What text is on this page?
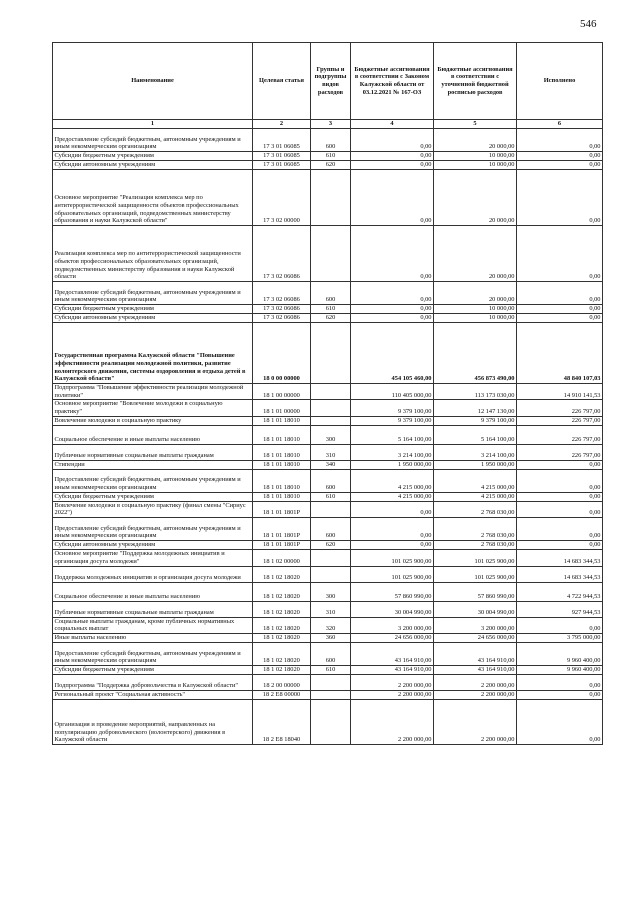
546
Наименование	Целевая статья	Группы и подгруппы видов расходов	Бюджетные ассигнования в соответствии с Законом Калужской области от 03.12.2021 № 167-ОЗ	Бюджетные ассигнования в соответствии с уточненной бюджетной росписью расходов	Исполнено
1	2	3	4	5	6
Предоставление субсидий бюджетным, автономным учреждениям и иным некоммерческим организациям	17 3 01 06085	600	0,00	20 000,00	0,00
Субсидии бюджетным учреждениям	17 3 01 06085	610	0,00	10 000,00	0,00
Субсидии автономным учреждениям	17 3 01 06085	620	0,00	10 000,00	0,00
Основное мероприятие "Реализация комплекса мер по антитеррористической защищенности объектов профессиональных образовательных организаций, подведомственных министерству образования и науки Калужской области"	17 3 02 00000		0,00	20 000,00	0,00
Реализация комплекса мер по антитеррористической защищенности объектов профессиональных образовательных организаций, подведомственных министерству образования и науки Калужской области	17 3 02 06086		0,00	20 000,00	0,00
Предоставление субсидий бюджетным, автономным учреждениям и иным некоммерческим организациям	17 3 02 06086	600	0,00	20 000,00	0,00
Субсидии бюджетным учреждениям	17 3 02 06086	610	0,00	10 000,00	0,00
Субсидии автономным учреждениям	17 3 02 06086	620	0,00	10 000,00	0,00
Государственная программа Калужской области "Повышение эффективности реализации молодежной политики, развитие волонтерского движения, системы оздоровления и отдыха детей в Калужской области"	18 0 00 00000		454 105 460,00	456 873 490,00	48 840 107,03
Подпрограмма "Повышение эффективности реализации молодежной политики"	18 1 00 00000		110 405 000,00	113 173 030,00	14 910 141,53
Основное мероприятие "Вовлечение молодежи в социальную практику"	18 1 01 00000		9 379 100,00	12 147 130,00	226 797,00
Вовлечение молодежи в социальную практику	18 1 01 18010		9 379 100,00	9 379 100,00	226 797,00
Социальное обеспечение и иные выплаты населению	18 1 01 18010	300	5 164 100,00	5 164 100,00	226 797,00
Публичные нормативные социальные выплаты гражданам	18 1 01 18010	310	3 214 100,00	3 214 100,00	226 797,00
Стипендии	18 1 01 18010	340	1 950 000,00	1 950 000,00	0,00
Предоставление субсидий бюджетным, автономным учреждениям и иным некоммерческим организациям	18 1 01 18010	600	4 215 000,00	4 215 000,00	0,00
Субсидии бюджетным учреждениям	18 1 01 18010	610	4 215 000,00	4 215 000,00	0,00
Вовлечение молодежи в социальную практику (финал смены "Сириус 2022")	18 1 01 1801Р		0,00	2 768 030,00	0,00
Предоставление субсидий бюджетным, автономным учреждениям и иным некоммерческим организациям	18 1 01 1801Р	600	0,00	2 768 030,00	0,00
Субсидии автономным учреждениям	18 1 01 1801Р	620	0,00	2 768 030,00	0,00
Основное мероприятие "Поддержка молодежных инициатив и организация досуга молодежи"	18 1 02 00000		101 025 900,00	101 025 900,00	14 683 344,53
Поддержка молодежных инициатив и организация досуга молодежи	18 1 02 18020		101 025 900,00	101 025 900,00	14 683 344,53
Социальное обеспечение и иные выплаты населению	18 1 02 18020	300	57 860 990,00	57 860 990,00	4 722 944,53
Публичные нормативные социальные выплаты гражданам	18 1 02 18020	310	30 004 990,00	30 004 990,00	927 944,53
Социальные выплаты гражданам, кроме публичных нормативных социальных выплат	18 1 02 18020	320	3 200 000,00	3 200 000,00	0,00
Иные выплаты населению	18 1 02 18020	360	24 656 000,00	24 656 000,00	3 795 000,00
Предоставление субсидий бюджетным, автономным учреждениям и иным некоммерческим организациям	18 1 02 18020	600	43 164 910,00	43 164 910,00	9 960 400,00
Субсидии бюджетным учреждениям	18 1 02 18020	610	43 164 910,00	43 164 910,00	9 960 400,00
Подпрограмма "Поддержка добровольчества в Калужской области"	18 2 00 00000		2 200 000,00	2 200 000,00	0,00
Региональный проект "Социальная активность"	18 2 Е8 00000		2 200 000,00	2 200 000,00	0,00
Организация и проведение мероприятий, направленных на популяризацию добровольческого (волонтерского) движения в Калужской области	18 2 Е8 18040		2 200 000,00	2 200 000,00	0,00
